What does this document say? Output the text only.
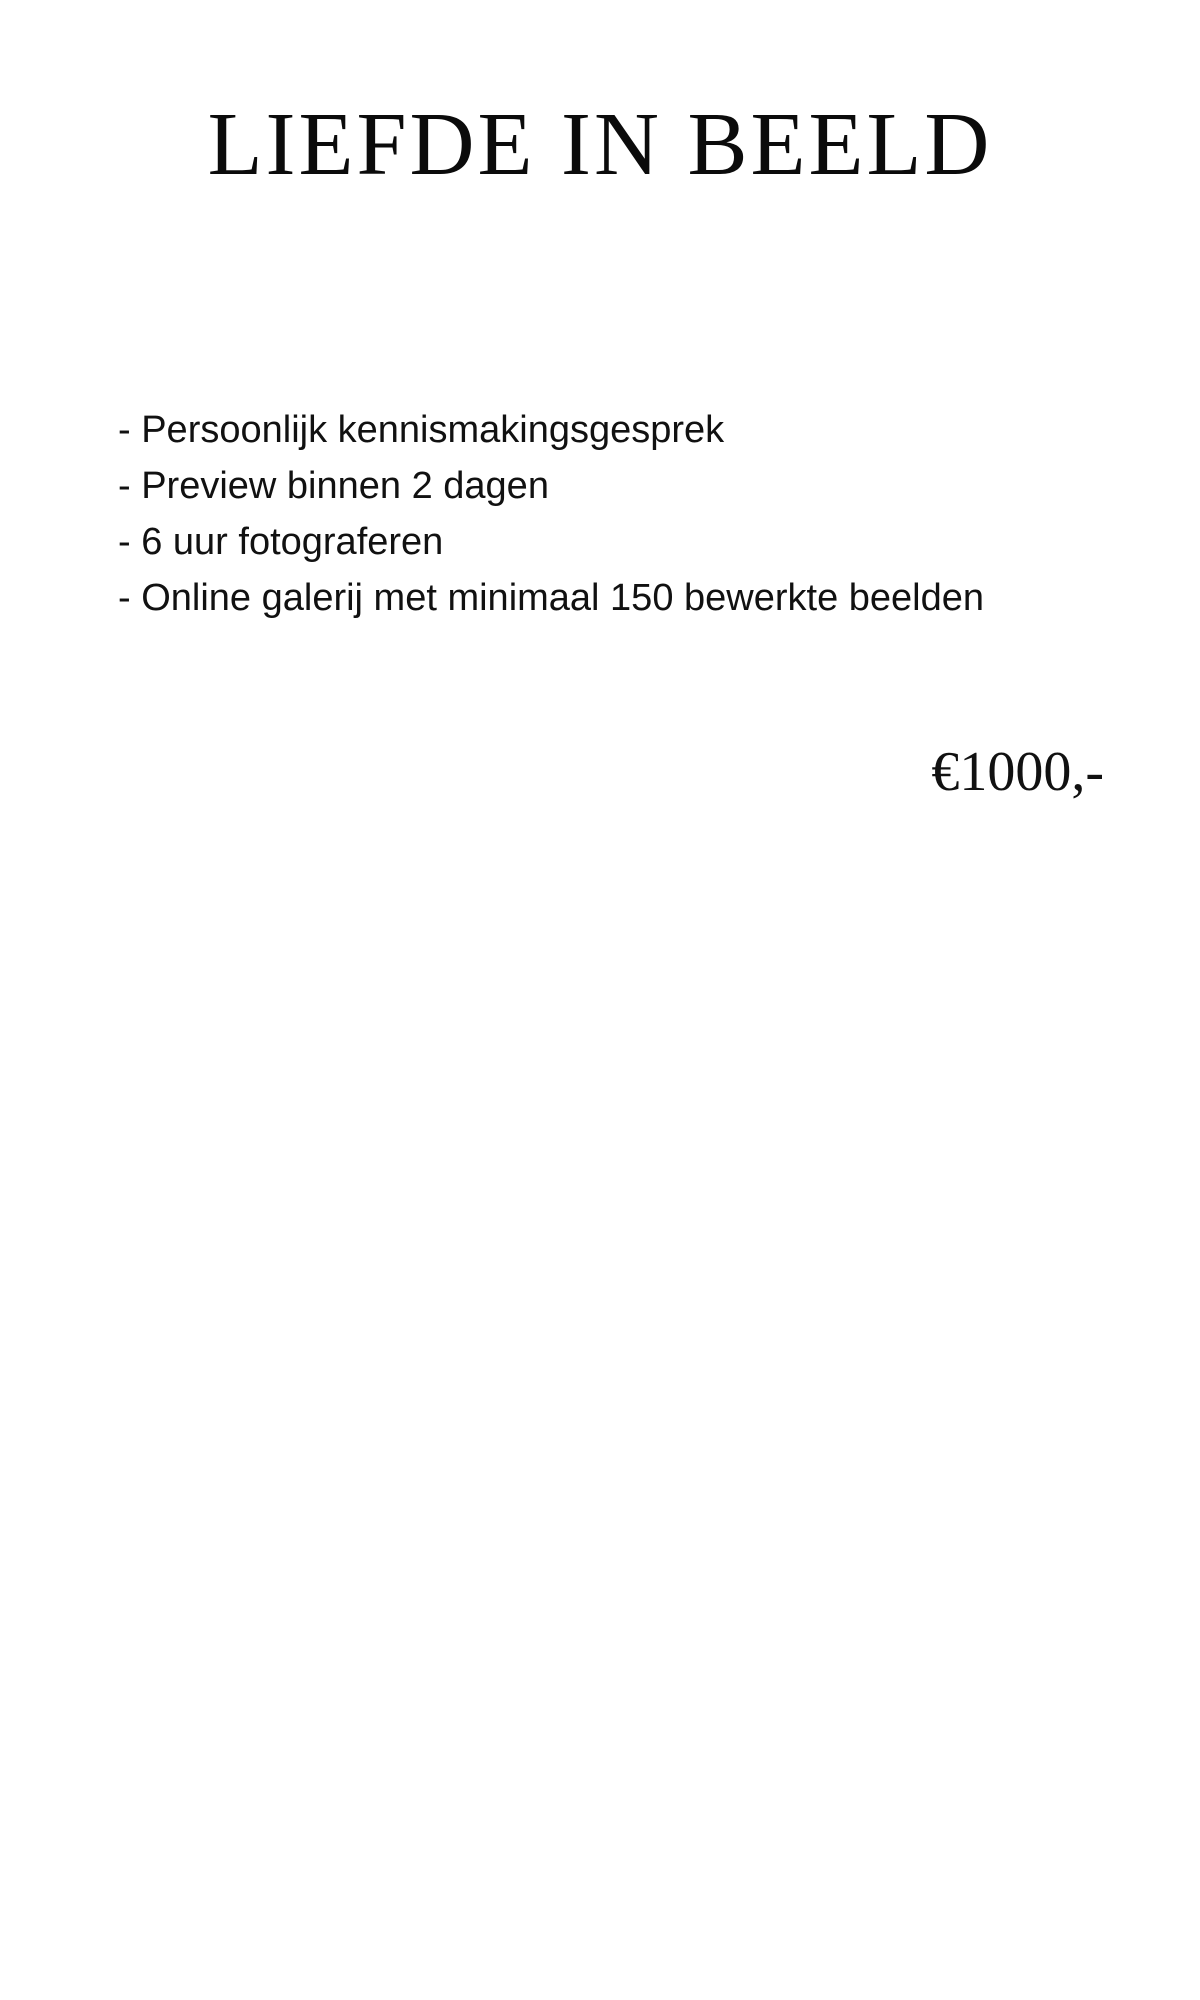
LIEFDE IN BEELD
- Persoonlijk kennismakingsgesprek
- Preview binnen 2 dagen
- 6 uur fotograferen
- Online galerij met minimaal 150 bewerkte beelden
€1000,-
